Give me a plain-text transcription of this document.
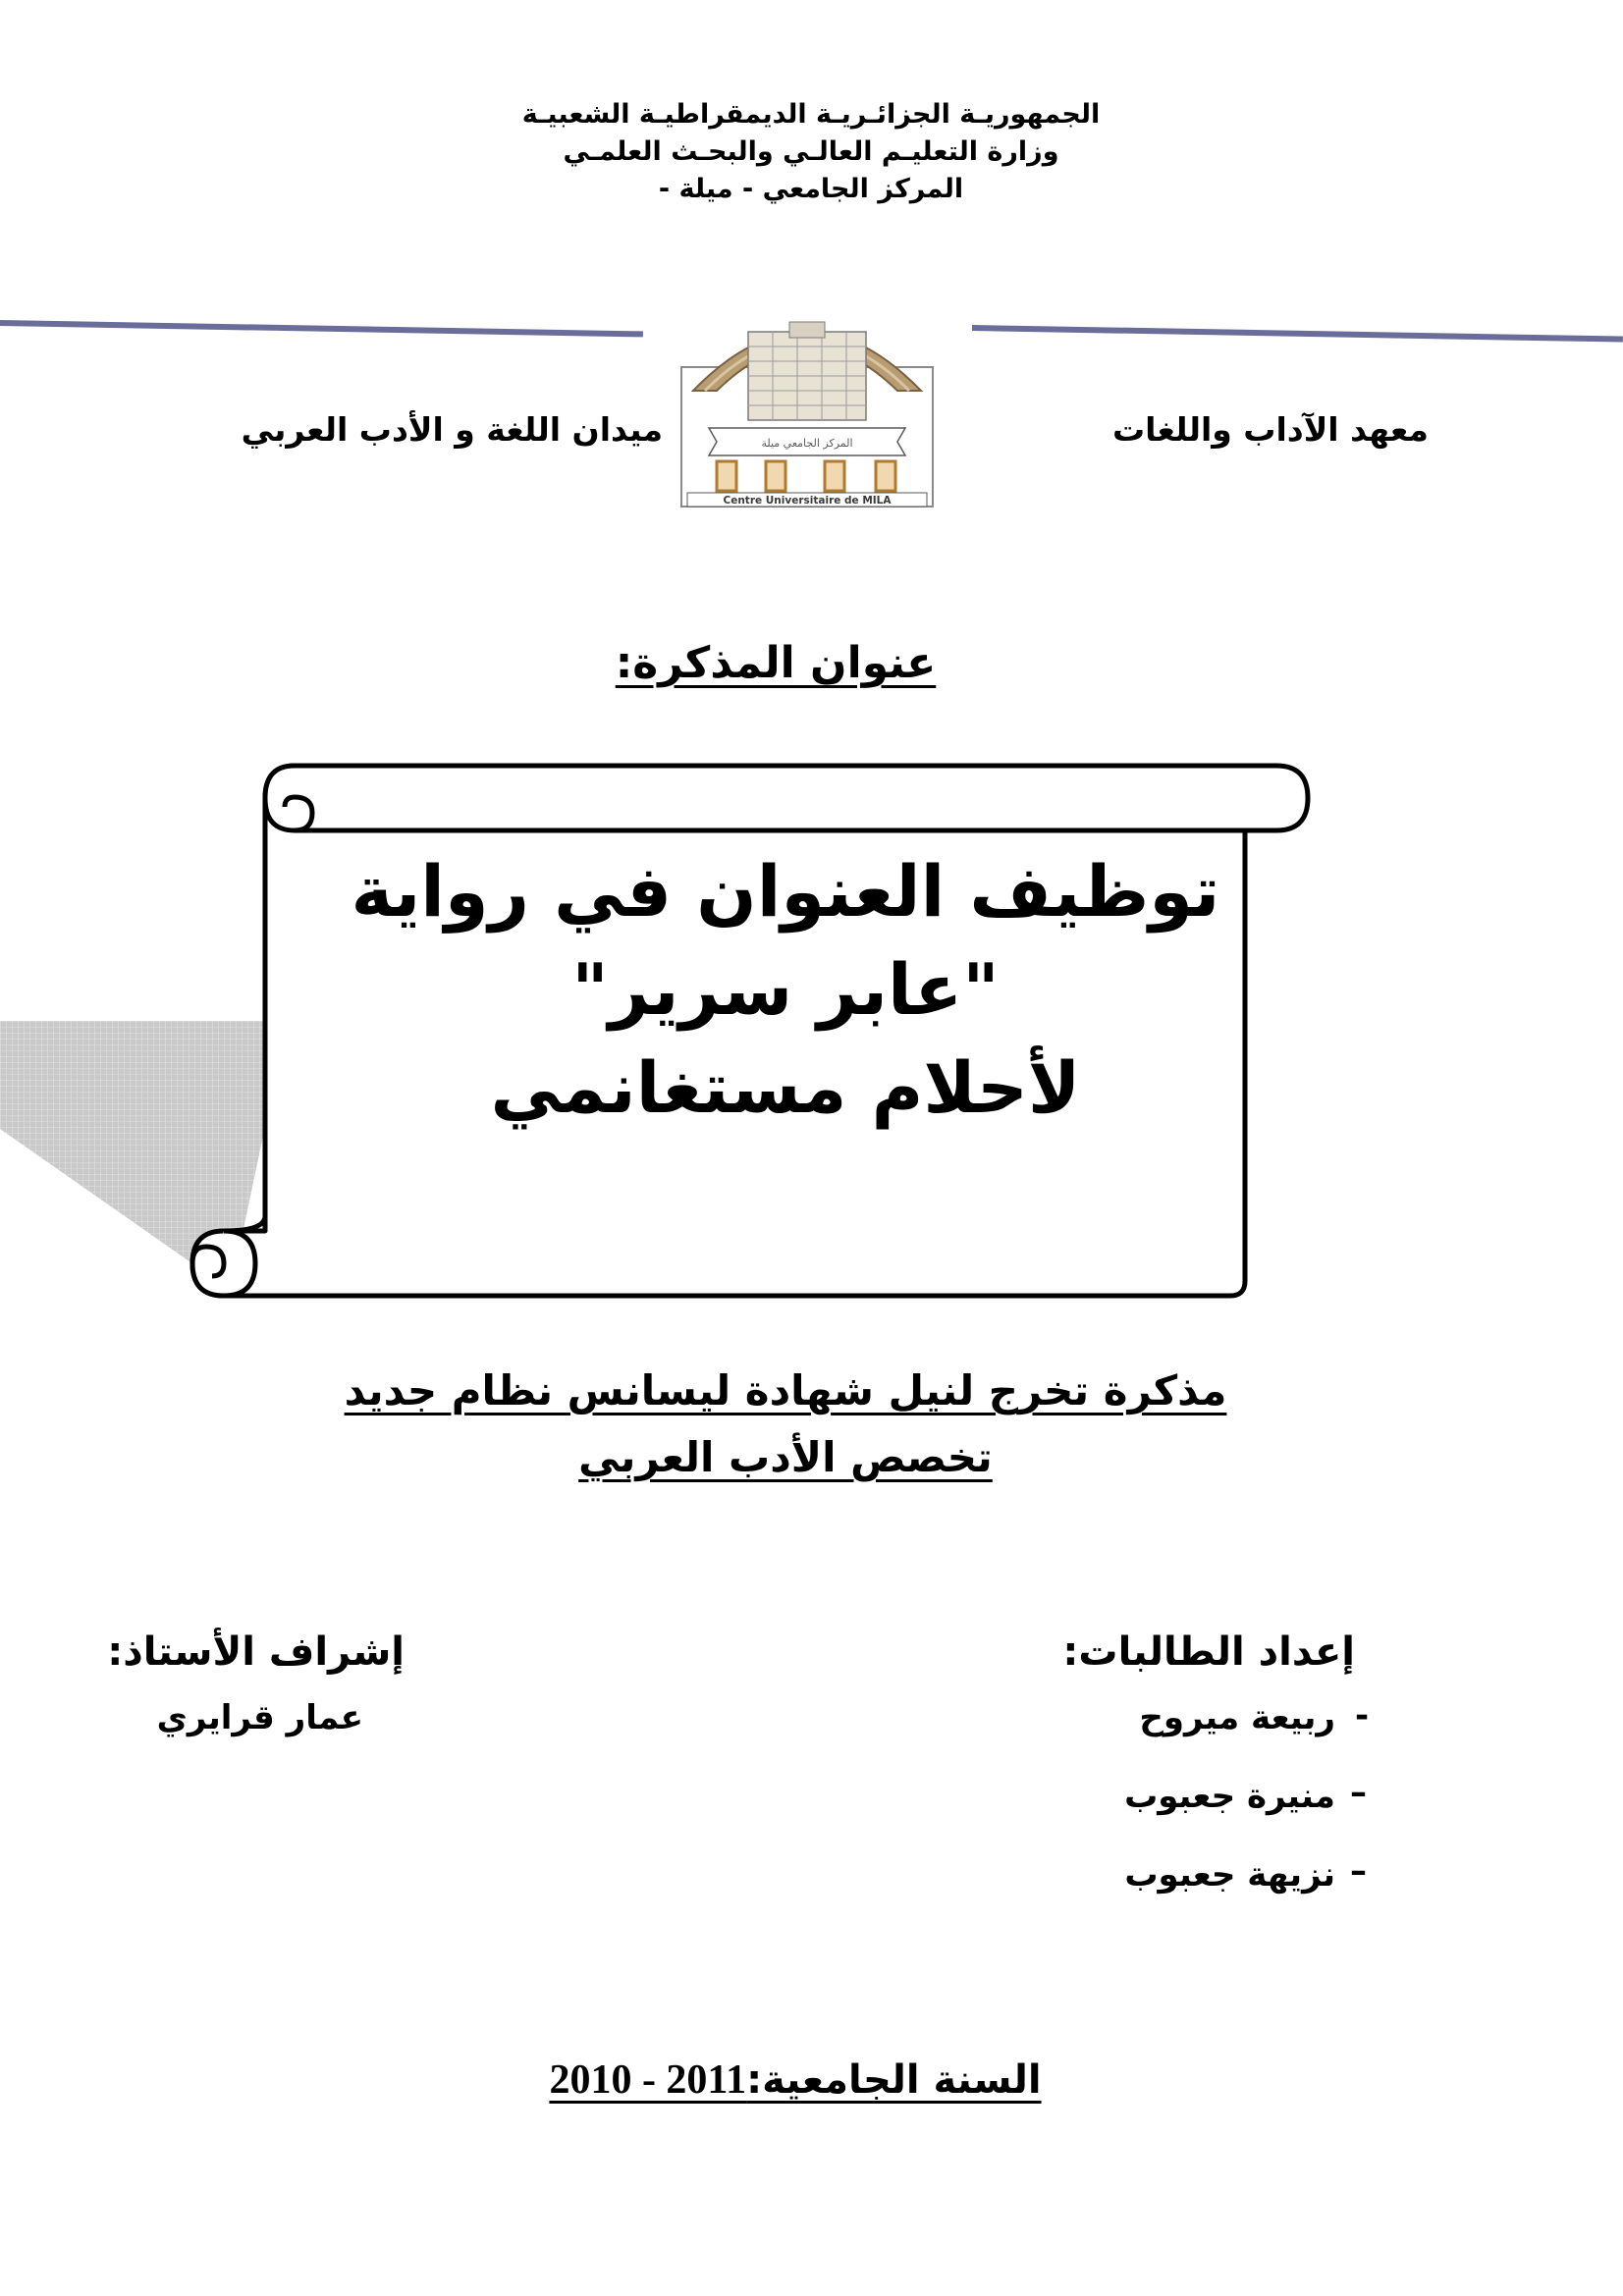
الجمهوريـة الجزائـريـة الديمقراطيـة الشعبيـة
وزارة التعليـم العالـي والبحـث العلمـي
المركز الجامعي - ميلة -
المركز الجامعي ميلة
Centre Universitaire de MILA
معهد الآداب واللغات
ميدان اللغة و الأدب العربي
عنوان المذكرة:
توظيف العنوان في رواية
"عابر سرير"
لأحلام مستغانمي
مذكرة تخرج لنيل شهادة ليسانس نظام جديد
تخصص الأدب العربي
إعداد الطالبات:
ربيعة ميروح -
منيرة جعبوب –
نزيهة جعبوب –
إشراف الأستاذ:
عمار قرايري
السنة الجامعية:2010 - 2011
